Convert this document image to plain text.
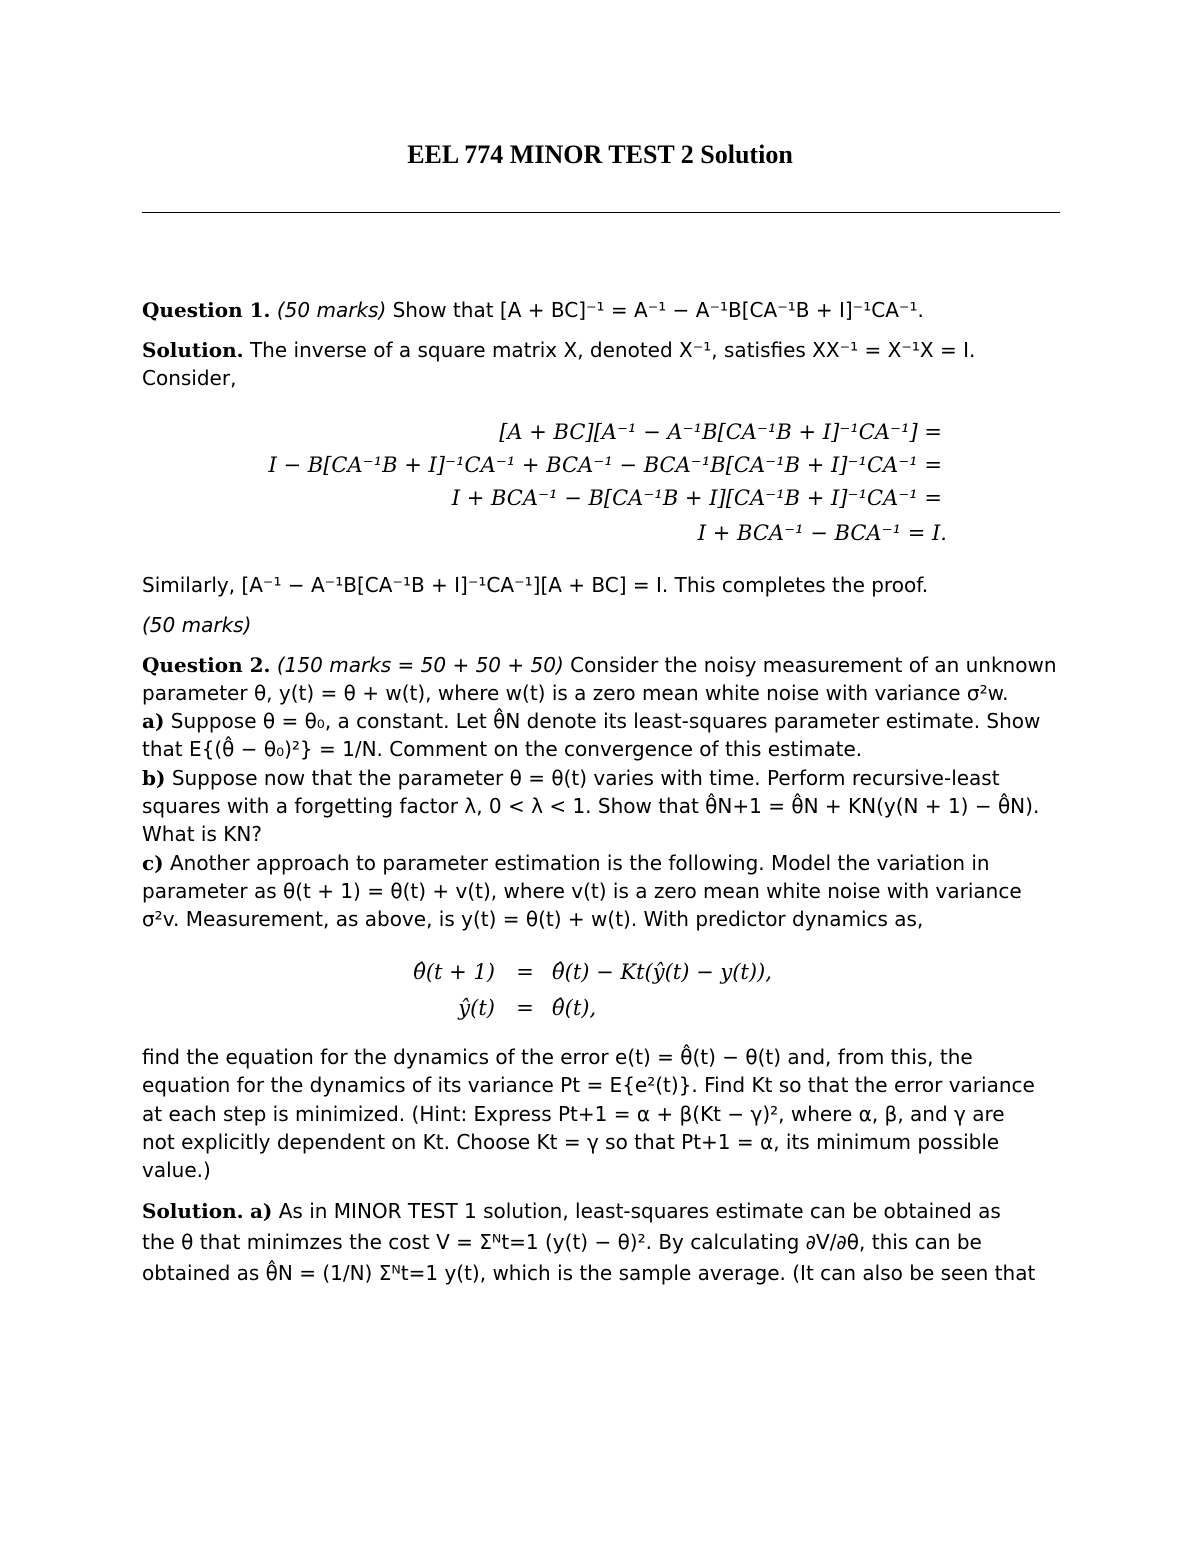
EEL 774 MINOR TEST 2 Solution
Question 1. (50 marks) Show that [A + BC]⁻¹ = A⁻¹ − A⁻¹B[CA⁻¹B + I]⁻¹CA⁻¹.
Solution. The inverse of a square matrix X, denoted X⁻¹, satisfies XX⁻¹ = X⁻¹X = I.
Consider,
[A + BC][A⁻¹ − A⁻¹B[CA⁻¹B + I]⁻¹CA⁻¹] =
I − B[CA⁻¹B + I]⁻¹CA⁻¹ + BCA⁻¹ − BCA⁻¹B[CA⁻¹B + I]⁻¹CA⁻¹ =
I + BCA⁻¹ − B[CA⁻¹B + I][CA⁻¹B + I]⁻¹CA⁻¹ =
I + BCA⁻¹ − BCA⁻¹ = I.
Similarly, [A⁻¹ − A⁻¹B[CA⁻¹B + I]⁻¹CA⁻¹][A + BC] = I. This completes the proof.
(50 marks)
Question 2. (150 marks = 50 + 50 + 50) Consider the noisy measurement of an unknown
parameter θ, y(t) = θ + w(t), where w(t) is a zero mean white noise with variance σ²w.
a) Suppose θ = θ₀, a constant. Let θ̂N denote its least-squares parameter estimate. Show
that E{(θ̂ − θ₀)²} = 1/N. Comment on the convergence of this estimate.
b) Suppose now that the parameter θ = θ(t) varies with time. Perform recursive-least
squares with a forgetting factor λ, 0 < λ < 1. Show that θ̂N+1 = θ̂N + KN(y(N + 1) − θ̂N).
What is KN?
c) Another approach to parameter estimation is the following. Model the variation in
parameter as θ(t + 1) = θ(t) + v(t), where v(t) is a zero mean white noise with variance
σ²v. Measurement, as above, is y(t) = θ(t) + w(t). With predictor dynamics as,
θ̂(t + 1)	= θ̂(t) − Kt(ŷ(t) − y(t)),
ŷ(t)	= θ̂(t),
find the equation for the dynamics of the error e(t) = θ̂(t) − θ(t) and, from this, the
equation for the dynamics of its variance Pt = E{e²(t)}. Find Kt so that the error variance
at each step is minimized. (Hint: Express Pt+1 = α + β(Kt − γ)², where α, β, and γ are
not explicitly dependent on Kt. Choose Kt = γ so that Pt+1 = α, its minimum possible
value.)
Solution. a) As in MINOR TEST 1 solution, least-squares estimate can be obtained as
the θ that minimzes the cost V = Σᴺt=1 (y(t) − θ)². By calculating ∂V/∂θ, this can be
obtained as θ̂N = (1/N) Σᴺt=1 y(t), which is the sample average. (It can also be seen that
